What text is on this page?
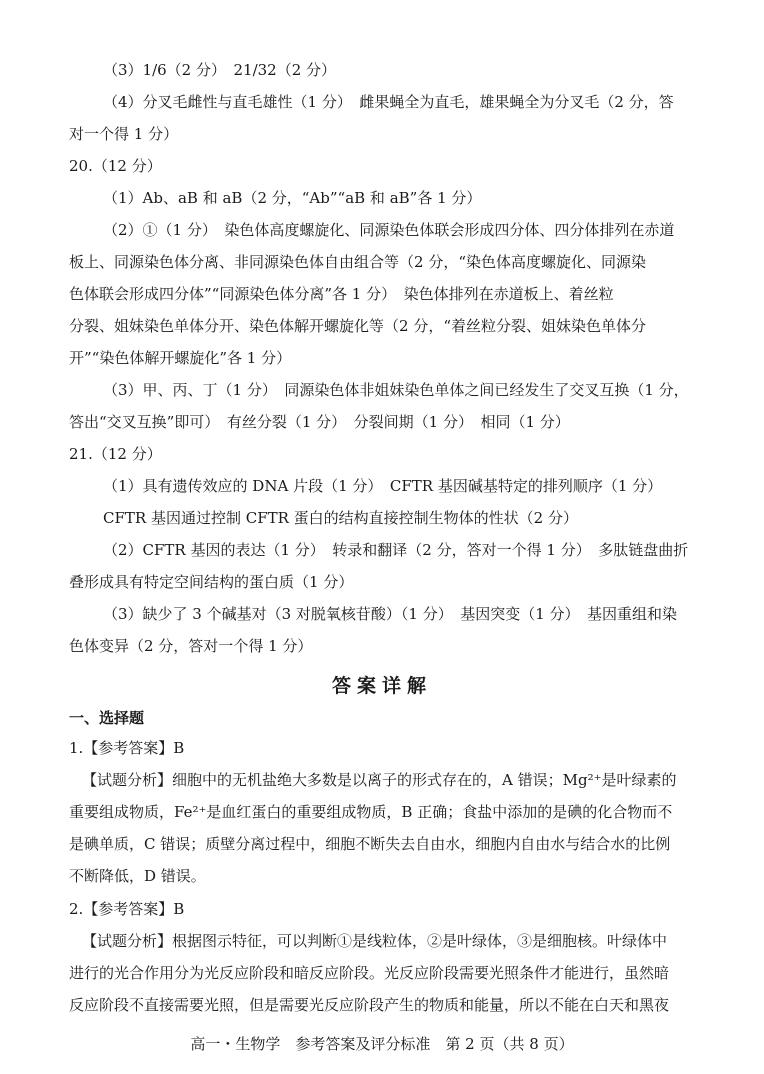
（3）1/6（2 分）　21/32（2 分）
（4）分叉毛雌性与直毛雄性（1 分）　雌果蝇全为直毛，雄果蝇全为分叉毛（2 分，答
对一个得 1 分）
20.（12 分）
（1）Ab、aB 和 aB（2 分，“Ab”“aB 和 aB”各 1 分）
（2）①（1 分）　染色体高度螺旋化、同源染色体联会形成四分体、四分体排列在赤道
板上、同源染色体分离、非同源染色体自由组合等（2 分，“染色体高度螺旋化、同源染
色体联会形成四分体”“同源染色体分离”各 1 分）　染色体排列在赤道板上、着丝粒
分裂、姐妹染色单体分开、染色体解开螺旋化等（2 分，“着丝粒分裂、姐妹染色单体分
开”“染色体解开螺旋化”各 1 分）
（3）甲、丙、丁（1 分）　同源染色体非姐妹染色单体之间已经发生了交叉互换（1 分，
答出“交叉互换”即可）　有丝分裂（1 分）　分裂间期（1 分）　相同（1 分）
21.（12 分）
（1）具有遗传效应的 DNA 片段（1 分）　CFTR 基因碱基特定的排列顺序（1 分）
CFTR 基因通过控制 CFTR 蛋白的结构直接控制生物体的性状（2 分）
（2）CFTR 基因的表达（1 分）　转录和翻译（2 分，答对一个得 1 分）　多肽链盘曲折
叠形成具有特定空间结构的蛋白质（1 分）
（3）缺少了 3 个碱基对（3 对脱氧核苷酸）（1 分）　基因突变（1 分）　基因重组和染
色体变异（2 分，答对一个得 1 分）
答案详解
一、选择题
1.【参考答案】B
【试题分析】细胞中的无机盐绝大多数是以离子的形式存在的，A 错误；Mg²⁺是叶绿素的
重要组成物质，Fe²⁺是血红蛋白的重要组成物质，B 正确；食盐中添加的是碘的化合物而不
是碘单质，C 错误；质壁分离过程中，细胞不断失去自由水，细胞内自由水与结合水的比例
不断降低，D 错误。
2.【参考答案】B
【试题分析】根据图示特征，可以判断①是线粒体，②是叶绿体，③是细胞核。叶绿体中
进行的光合作用分为光反应阶段和暗反应阶段。光反应阶段需要光照条件才能进行，虽然暗
反应阶段不直接需要光照，但是需要光反应阶段产生的物质和能量，所以不能在白天和黑夜
高一・生物学　参考答案及评分标准　第 2 页（共 8 页）
